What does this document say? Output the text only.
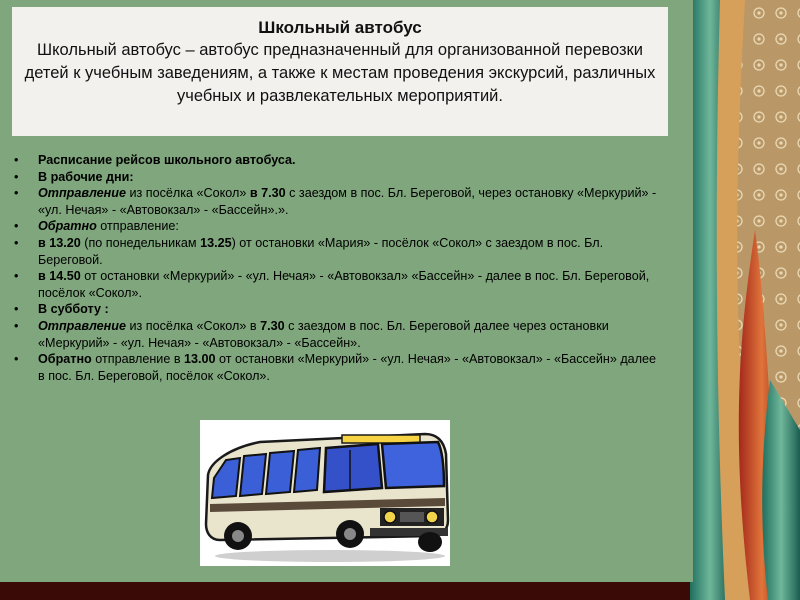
Школьный автобус
Школьный автобус – автобус предназначенный для организованной перевозки детей к учебным заведениям, а также к местам проведения экскурсий, различных учебных и развлекательных мероприятий.
•	Расписание рейсов школьного автобуса.
•	В рабочие дни:
•	Отправление из посёлка «Сокол» в 7.30 с заездом в пос. Бл. Береговой, через остановку «Меркурий» - «ул. Нечая» - «Автовокзал» - «Бассейн».».
•	Обратно отправление:
•	в 13.20 (по понедельникам 13.25) от остановки «Мария» - посёлок «Сокол» с заездом в пос. Бл. Береговой.
•	в 14.50 от остановки «Меркурий» - «ул. Нечая» - «Автовокзал» «Бассейн» - далее в пос. Бл. Береговой, посёлок «Сокол».
•	В субботу :
•	Отправление из посёлка «Сокол» в 7.30 с заездом в пос. Бл. Береговой далее через остановки «Меркурий» - «ул. Нечая» - «Автовокзал» - «Бассейн».
•	Обратно отправление в 13.00 от остановки «Меркурий» - «ул. Нечая» - «Автовокзал» - «Бассейн» далее в пос. Бл. Береговой, посёлок «Сокол».
